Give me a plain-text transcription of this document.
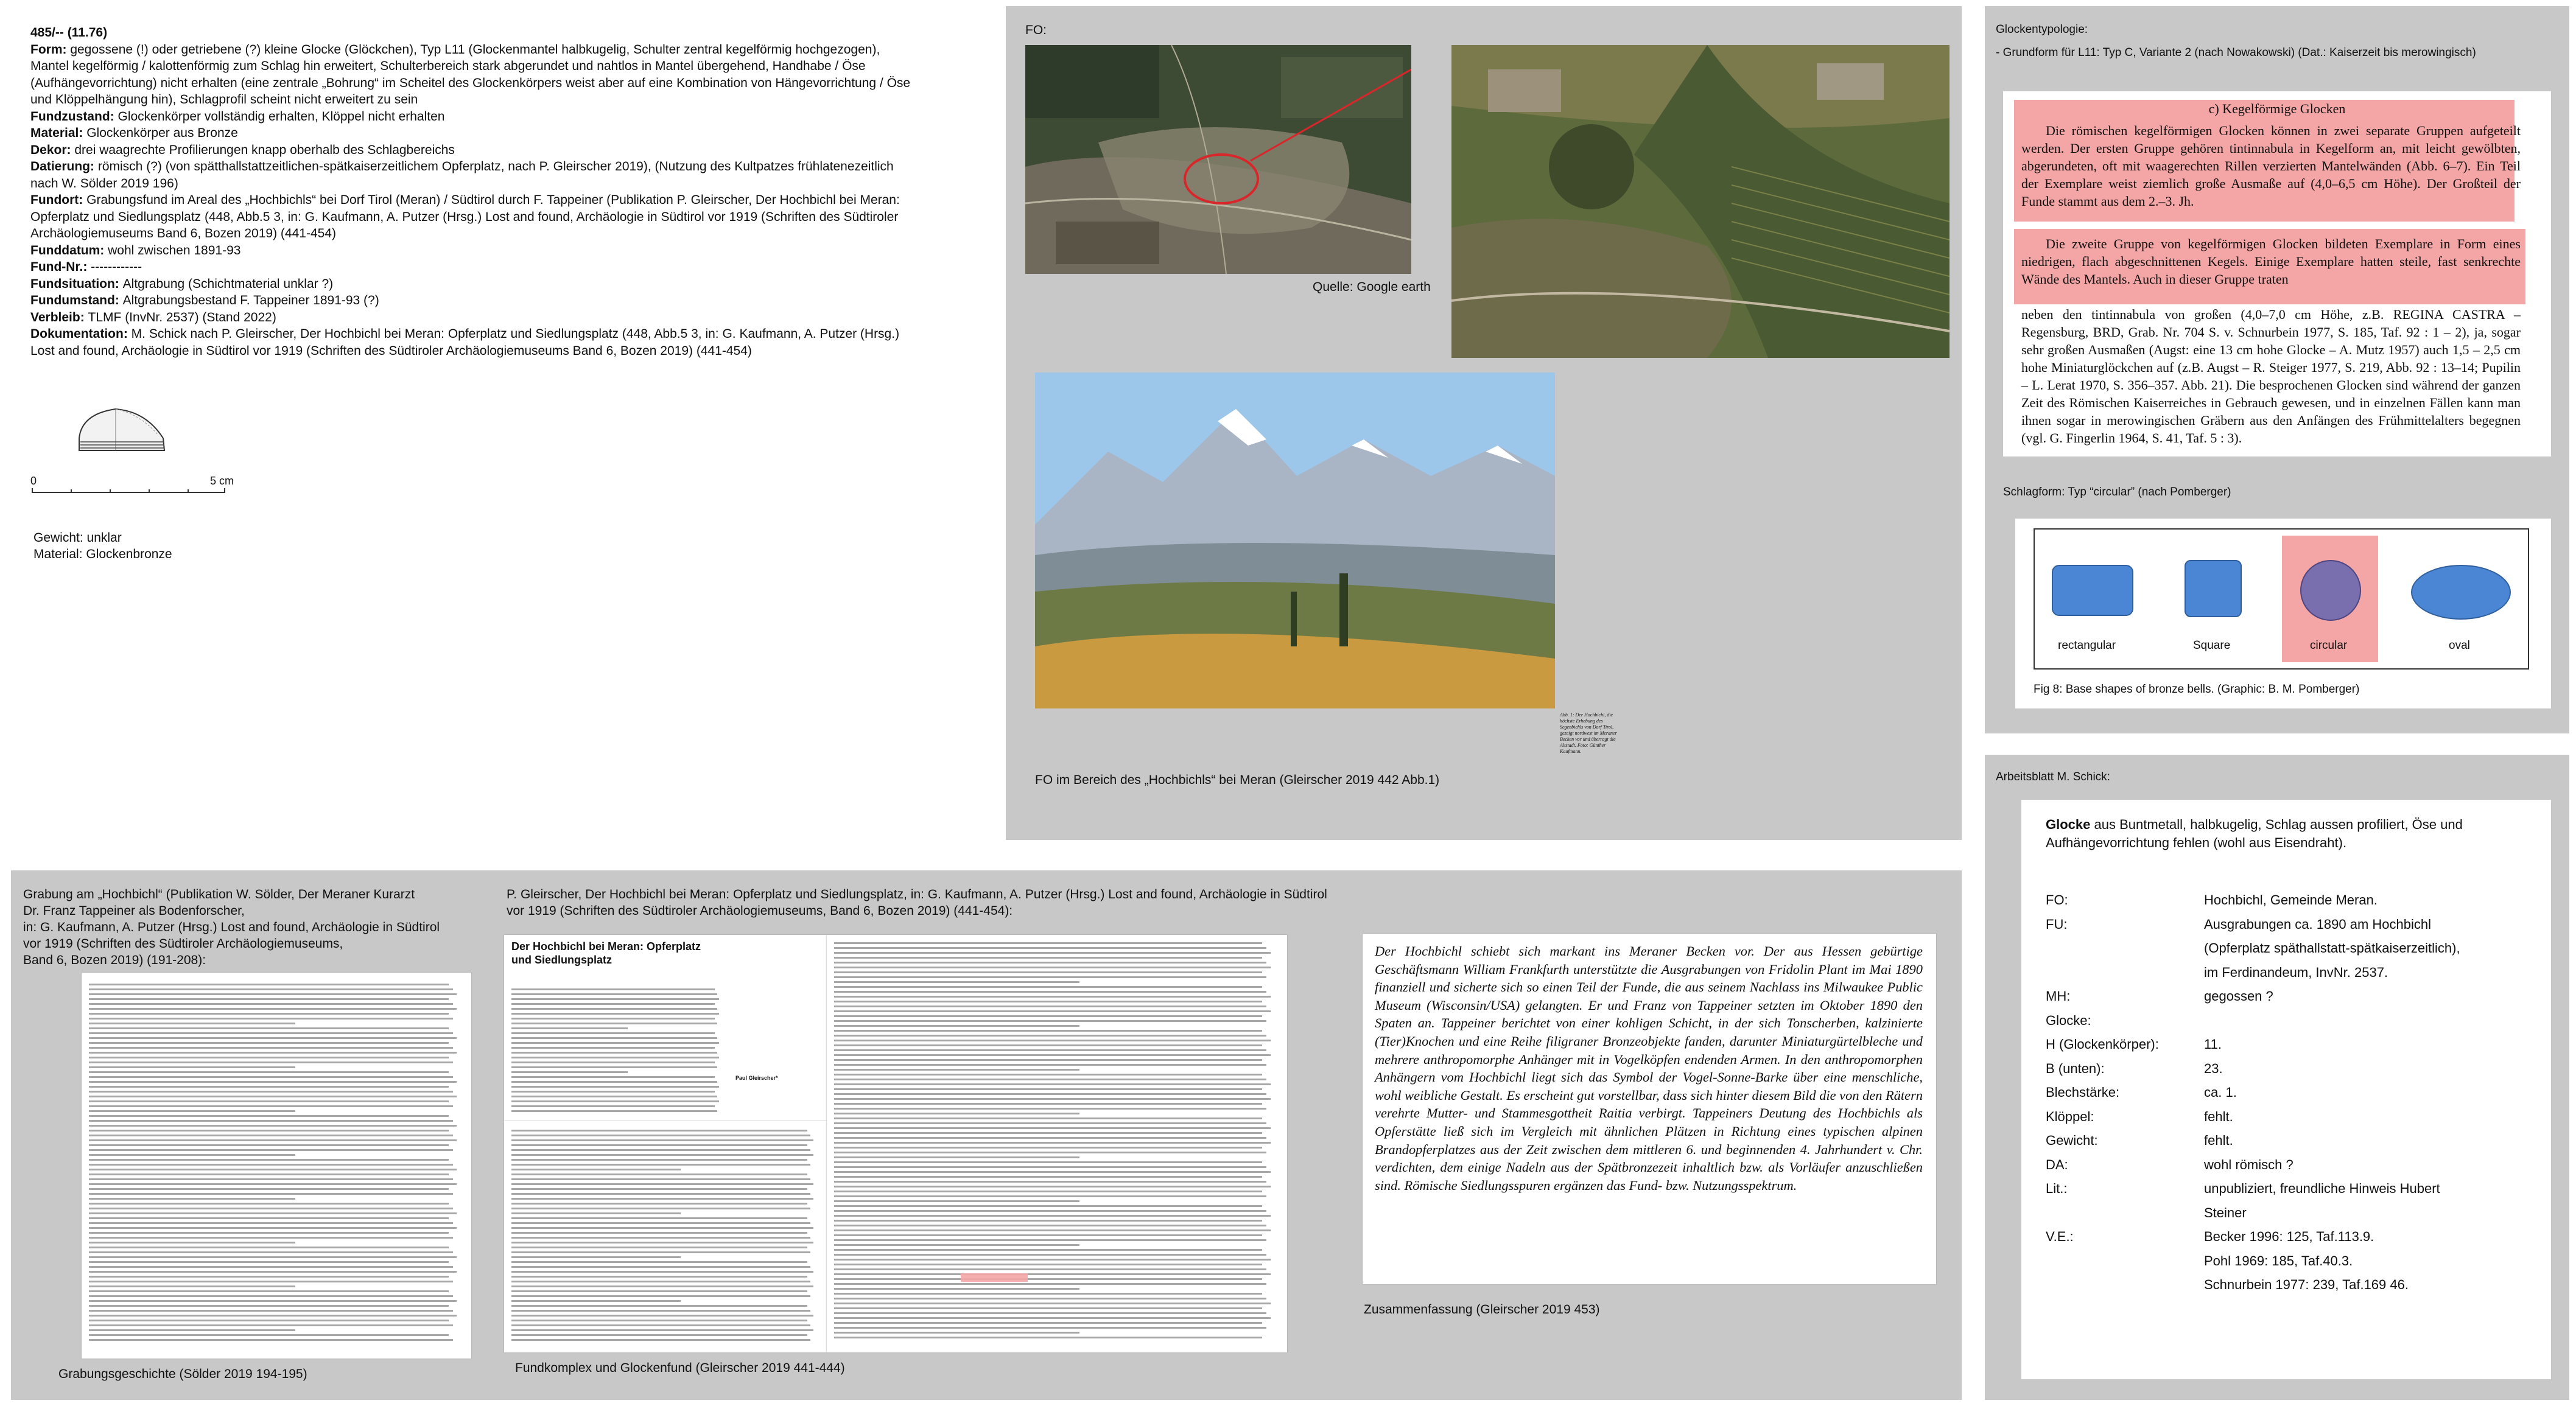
485/-- (11.76)

Form: gegossene (!) oder getriebene (?) kleine Glocke (Glöckchen), Typ L11 (Glockenmantel halbkugelig, Schulter zentral kegelförmig hochgezogen),

Mantel kegelförmig / kalottenförmig zum Schlag hin erweitert, Schulterbereich stark abgerundet und nahtlos in Mantel übergehend, Handhabe / Öse

(Aufhängevorrichtung) nicht erhalten (eine zentrale „Bohrung“ im Scheitel des Glockenkörpers weist aber auf eine Kombination von Hängevorrichtung / Öse

und Klöppelhängung hin), Schlagprofil scheint nicht erweitert zu sein

Fundzustand: Glockenkörper vollständig erhalten, Klöppel nicht erhalten

Material: Glockenkörper aus Bronze

Dekor: drei waagrechte Profilierungen knapp oberhalb des Schlagbereichs

Datierung: römisch (?) (von spätthallstattzeitlichen-spätkaiserzeitlichem Opferplatz, nach P. Gleirscher 2019), (Nutzung des Kultpatzes frühlatenezeitlich

nach W. Sölder 2019 196)

Fundort: Grabungsfund im Areal des „Hochbichls“ bei Dorf Tirol (Meran) / Südtirol durch F. Tappeiner (Publikation P. Gleirscher, Der Hochbichl bei Meran:

Opferplatz und Siedlungsplatz (448, Abb.5 3, in: G. Kaufmann, A. Putzer (Hrsg.) Lost and found, Archäologie in Südtirol vor 1919 (Schriften des Südtiroler

Archäologiemuseums Band 6, Bozen 2019) (441-454)

Funddatum: wohl zwischen 1891-93

Fund-Nr.: ------------

Fundsituation: Altgrabung (Schichtmaterial unklar ?)

Fundumstand: Altgrabungsbestand F. Tappeiner 1891-93 (?)

Verbleib: TLMF (InvNr. 2537) (Stand 2022)

Dokumentation: M. Schick nach P. Gleirscher, Der Hochbichl bei Meran: Opferplatz und Siedlungsplatz (448, Abb.5 3, in: G. Kaufmann, A. Putzer (Hrsg.)

Lost and found, Archäologie in Südtirol vor 1919 (Schriften des Südtiroler Archäologiemuseums Band 6, Bozen 2019) (441-454)

0	5 cm
Gewicht: unklar
Material: Glockenbronze
FO:
Quelle: Google earth
Abb. 1: Der Hochbichl, die höchste Erhebung des Segenbichls von Dorf Tirol, gezeigt nordwest im Meraner Becken vor und überragt die Altstadt. Foto: Günther Kaufmann.
FO im Bereich des „Hochbichls“ bei Meran (Gleirscher 2019 442 Abb.1)
Glockentypologie:
- Grundform für L11: Typ C, Variante 2 (nach Nowakowski) (Dat.: Kaiserzeit bis merowingisch)
c) Kegelförmige Glocken
Die römischen kegelförmigen Glocken können in zwei separate Gruppen aufgeteilt werden. Der ersten Gruppe gehören tintinnabula in Kegelform an, mit leicht gewölbten, abgerundeten, oft mit waagerechten Rillen verzierten Mantelwänden (Abb. 6–7). Ein Teil der Exemplare weist ziemlich große Ausmaße auf (4,0–6,5 cm Höhe). Der Großteil der Funde stammt aus dem 2.–3. Jh.
Die zweite Gruppe von kegelförmigen Glocken bildeten Exemplare in Form eines niedrigen, flach abgeschnittenen Kegels. Einige Exemplare hatten steile, fast senkrechte Wände des Mantels. Auch in dieser Gruppe traten
neben den tintinnabula von großen (4,0–7,0 cm Höhe, z.B. REGINA CASTRA – Regensburg, BRD, Grab. Nr. 704 S. v. Schnurbein 1977, S. 185, Taf. 92 : 1 – 2), ja, sogar sehr großen Ausmaßen (Augst: eine 13 cm hohe Glocke – A. Mutz 1957) auch 1,5 – 2,5 cm hohe Miniaturglöckchen auf (z.B. Augst – R. Steiger 1977, S. 219, Abb. 92 : 13–14; Pupilin – L. Lerat 1970, S. 356–357. Abb. 21). Die besprochenen Glocken sind während der ganzen Zeit des Römischen Kaiserreiches in Gebrauch gewesen, und in einzelnen Fällen kann man ihnen sogar in merowingischen Gräbern aus den Anfängen des Frühmittelalters begegnen (vgl. G. Fingerlin 1964, S. 41, Taf. 5 : 3).
Schlagform: Typ “circular” (nach Pomberger)
rectangular	Square	circular	oval
Fig 8: Base shapes of bronze bells. (Graphic: B. M. Pomberger)
Arbeitsblatt M. Schick:
Glocke aus Buntmetall, halbkugelig, Schlag aussen profiliert, Öse und
Aufhängevorrichtung fehlen (wohl aus Eisendraht).
FO:	Hochbichl, Gemeinde Meran.
FU:	Ausgrabungen ca. 1890 am Hochbichl
(Opferplatz späthallstatt-spätkaiserzeitlich),
im Ferdinandeum, InvNr. 2537.
MH:	gegossen ?
Glocke:
H (Glockenkörper):	11.
B (unten):	23.
Blechstärke:	ca. 1.
Klöppel:	fehlt.
Gewicht:	fehlt.
DA:	wohl römisch ?
Lit.:	unpubliziert, freundliche Hinweis Hubert
Steiner
V.E.:	Becker 1996: 125, Taf.113.9.
Pohl 1969: 185, Taf.40.3.
Schnurbein 1977: 239, Taf.169 46.
Grabung am „Hochbichl“ (Publikation W. Sölder, Der Meraner Kurarzt
Dr. Franz Tappeiner als Bodenforscher,
in: G. Kaufmann, A. Putzer (Hrsg.) Lost and found, Archäologie in Südtirol
vor 1919 (Schriften des Südtiroler Archäologiemuseums,
Band 6, Bozen 2019) (191-208):
Grabungsgeschichte (Sölder 2019 194-195)
P. Gleirscher, Der Hochbichl bei Meran: Opferplatz und Siedlungsplatz, in: G. Kaufmann, A. Putzer (Hrsg.) Lost and found, Archäologie in Südtirol
vor 1919 (Schriften des Südtiroler Archäologiemuseums, Band 6, Bozen 2019) (441-454):
Der Hochbichl bei Meran: Opferplatz und Siedlungsplatz
Paul Gleirscher*
Fundkomplex und Glockenfund (Gleirscher 2019 441-444)
Der Hochbichl schiebt sich markant ins Meraner Becken vor. Der aus Hessen gebürtige Geschäftsmann William Frankfurth unterstützte die Ausgrabungen von Fridolin Plant im Mai 1890 finanziell und sicherte sich so einen Teil der Funde, die aus seinem Nachlass ins Milwaukee Public Museum (Wisconsin/USA) gelangten. Er und Franz von Tappeiner setzten im Oktober 1890 den Spaten an. Tappeiner berichtet von einer kohligen Schicht, in der sich Tonscherben, kalzinierte (Tier)Knochen und eine Reihe filigraner Bronzeobjekte fanden, darunter Miniaturgürtelbleche und mehrere anthropomorphe Anhänger mit in Vogelköpfen endenden Armen. In den anthropomorphen Anhängern vom Hochbichl liegt sich das Symbol der Vogel-Sonne-Barke über eine menschliche, wohl weibliche Gestalt. Es erscheint gut vorstellbar, dass sich hinter diesem Bild die von den Rätern verehrte Mutter- und Stammesgottheit Raitia verbirgt. Tappeiners Deutung des Hochbichls als Opferstätte ließ sich im Vergleich mit ähnlichen Plätzen in Richtung eines typischen alpinen Brandopferplatzes aus der Zeit zwischen dem mittleren 6. und beginnenden 4. Jahrhundert v. Chr. verdichten, dem einige Nadeln aus der Spätbronzezeit inhaltlich bzw. als Vorläufer anzuschließen sind. Römische Siedlungsspuren ergänzen das Fund- bzw. Nutzungsspektrum.
Zusammenfassung (Gleirscher 2019 453)
